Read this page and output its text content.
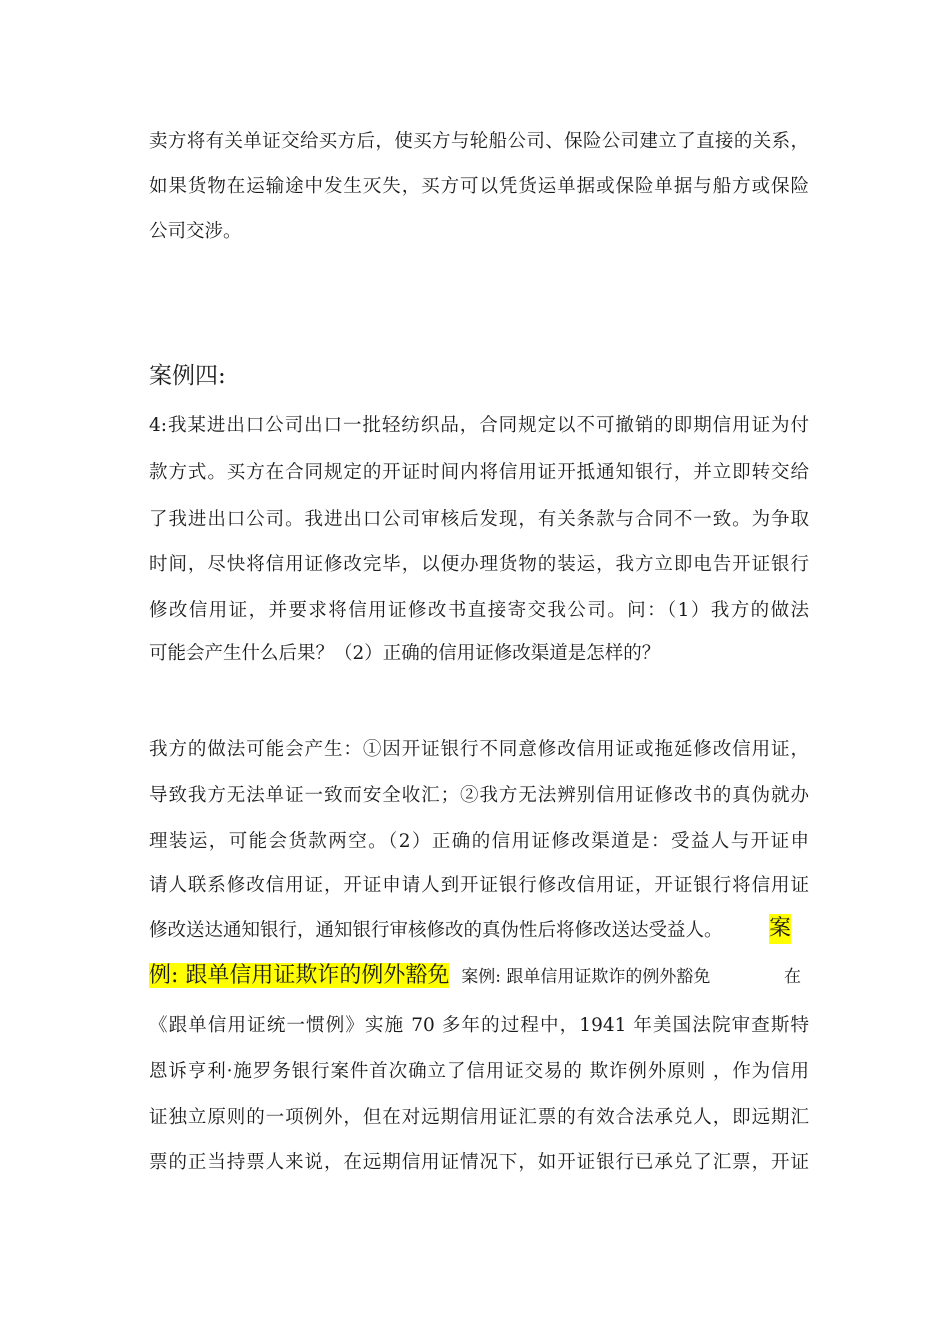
卖方将有关单证交给买方后，使买方与轮船公司、保险公司建立了直接的关系，
如果货物在运输途中发生灭失，买方可以凭货运单据或保险单据与船方或保险
公司交涉。
案例四:
4:我某进出口公司出口一批轻纺织品，合同规定以不可撤销的即期信用证为付
款方式。买方在合同规定的开证时间内将信用证开抵通知银行，并立即转交给
了我进出口公司。我进出口公司审核后发现，有关条款与合同不一致。为争取
时间，尽快将信用证修改完毕，以便办理货物的装运，我方立即电告开证银行
修改信用证，并要求将信用证修改书直接寄交我公司。问：（1）我方的做法
可能会产生什么后果？（2）正确的信用证修改渠道是怎样的？
我方的做法可能会产生：①因开证银行不同意修改信用证或拖延修改信用证，
导致我方无法单证一致而安全收汇；②我方无法辨别信用证修改书的真伪就办
理装运，可能会货款两空。（2）正确的信用证修改渠道是：受益人与开证申
请人联系修改信用证，开证申请人到开证银行修改信用证，开证银行将信用证
修改送达通知银行，通知银行审核修改的真伪性后将修改送达受益人。 案
例: 跟单信用证欺诈的例外豁免 案例: 跟单信用证欺诈的例外豁免	在
《跟单信用证统一惯例》实施 70 多年的过程中，1941 年美国法院审查斯特
恩诉亨利·施罗务银行案件首次确立了信用证交易的 欺诈例外原则 ，作为信用
证独立原则的一项例外，但在对远期信用证汇票的有效合法承兑人，即远期汇
票的正当持票人来说，在远期信用证情况下，如开证银行已承兑了汇票，开证
